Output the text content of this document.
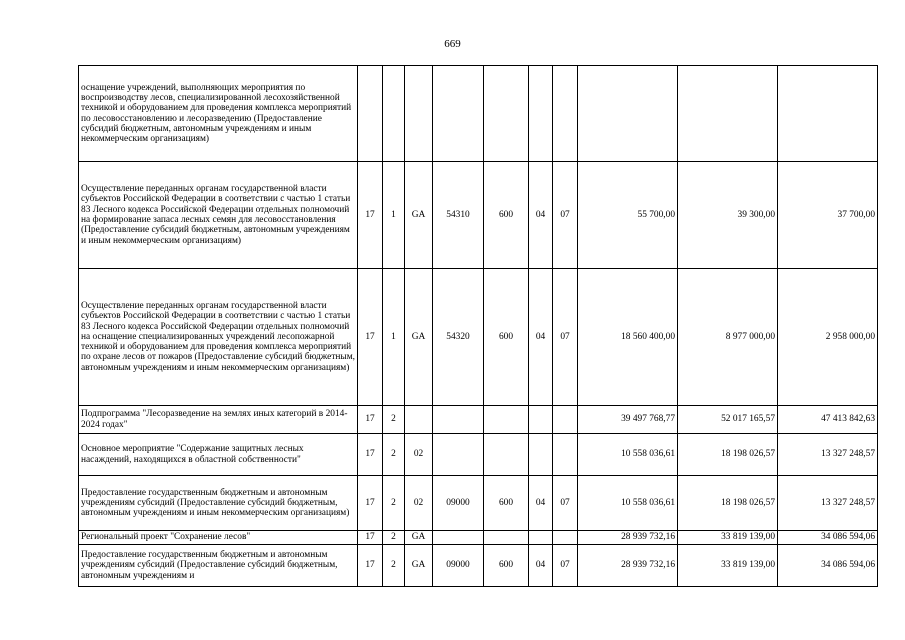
669
оснащение учреждений, выполняющих мероприятия по воспроизводству лесов, специализированной лесохозяйственной техникой и оборудованием для проведения комплекса мероприятий по лесовосстановлению и лесоразведению (Предоставление субсидий бюджетным, автономным учреждениям и иным некоммерческим организациям)										
Осуществление переданных органам государственной власти субъектов Российской Федерации в соответствии с частью 1 статьи 83 Лесного кодекса Российской Федерации отдельных полномочий на формирование запаса лесных семян для лесовосстановления (Предоставление субсидий бюджетным, автономным учреждениям и иным некоммерческим организациям)	17	1	GA	54310	600	04	07	55 700,00	39 300,00	37 700,00
Осуществление переданных органам государственной власти субъектов Российской Федерации в соответствии с частью 1 статьи 83 Лесного кодекса Российской Федерации отдельных полномочий на оснащение специализированных учреждений лесопожарной техникой и оборудованием для проведения комплекса мероприятий по охране лесов от пожаров (Предоставление субсидий бюджетным, автономным учреждениям и иным некоммерческим организациям)	17	1	GA	54320	600	04	07	18 560 400,00	8 977 000,00	2 958 000,00
Подпрограмма "Лесоразведение на землях иных категорий в 2014-2024 годах"	17	2						39 497 768,77	52 017 165,57	47 413 842,63
Основное мероприятие "Содержание защитных лесных насаждений, находящихся в областной собственности"	17	2	02					10 558 036,61	18 198 026,57	13 327 248,57
Предоставление государственным бюджетным и автономным учреждениям субсидий (Предоставление субсидий бюджетным, автономным учреждениям и иным некоммерческим организациям)	17	2	02	09000	600	04	07	10 558 036,61	18 198 026,57	13 327 248,57
Региональный проект "Сохранение лесов"	17	2	GA					28 939 732,16	33 819 139,00	34 086 594,06
Предоставление государственным бюджетным и автономным учреждениям субсидий (Предоставление субсидий бюджетным, автономным учреждениям и	17	2	GA	09000	600	04	07	28 939 732,16	33 819 139,00	34 086 594,06
